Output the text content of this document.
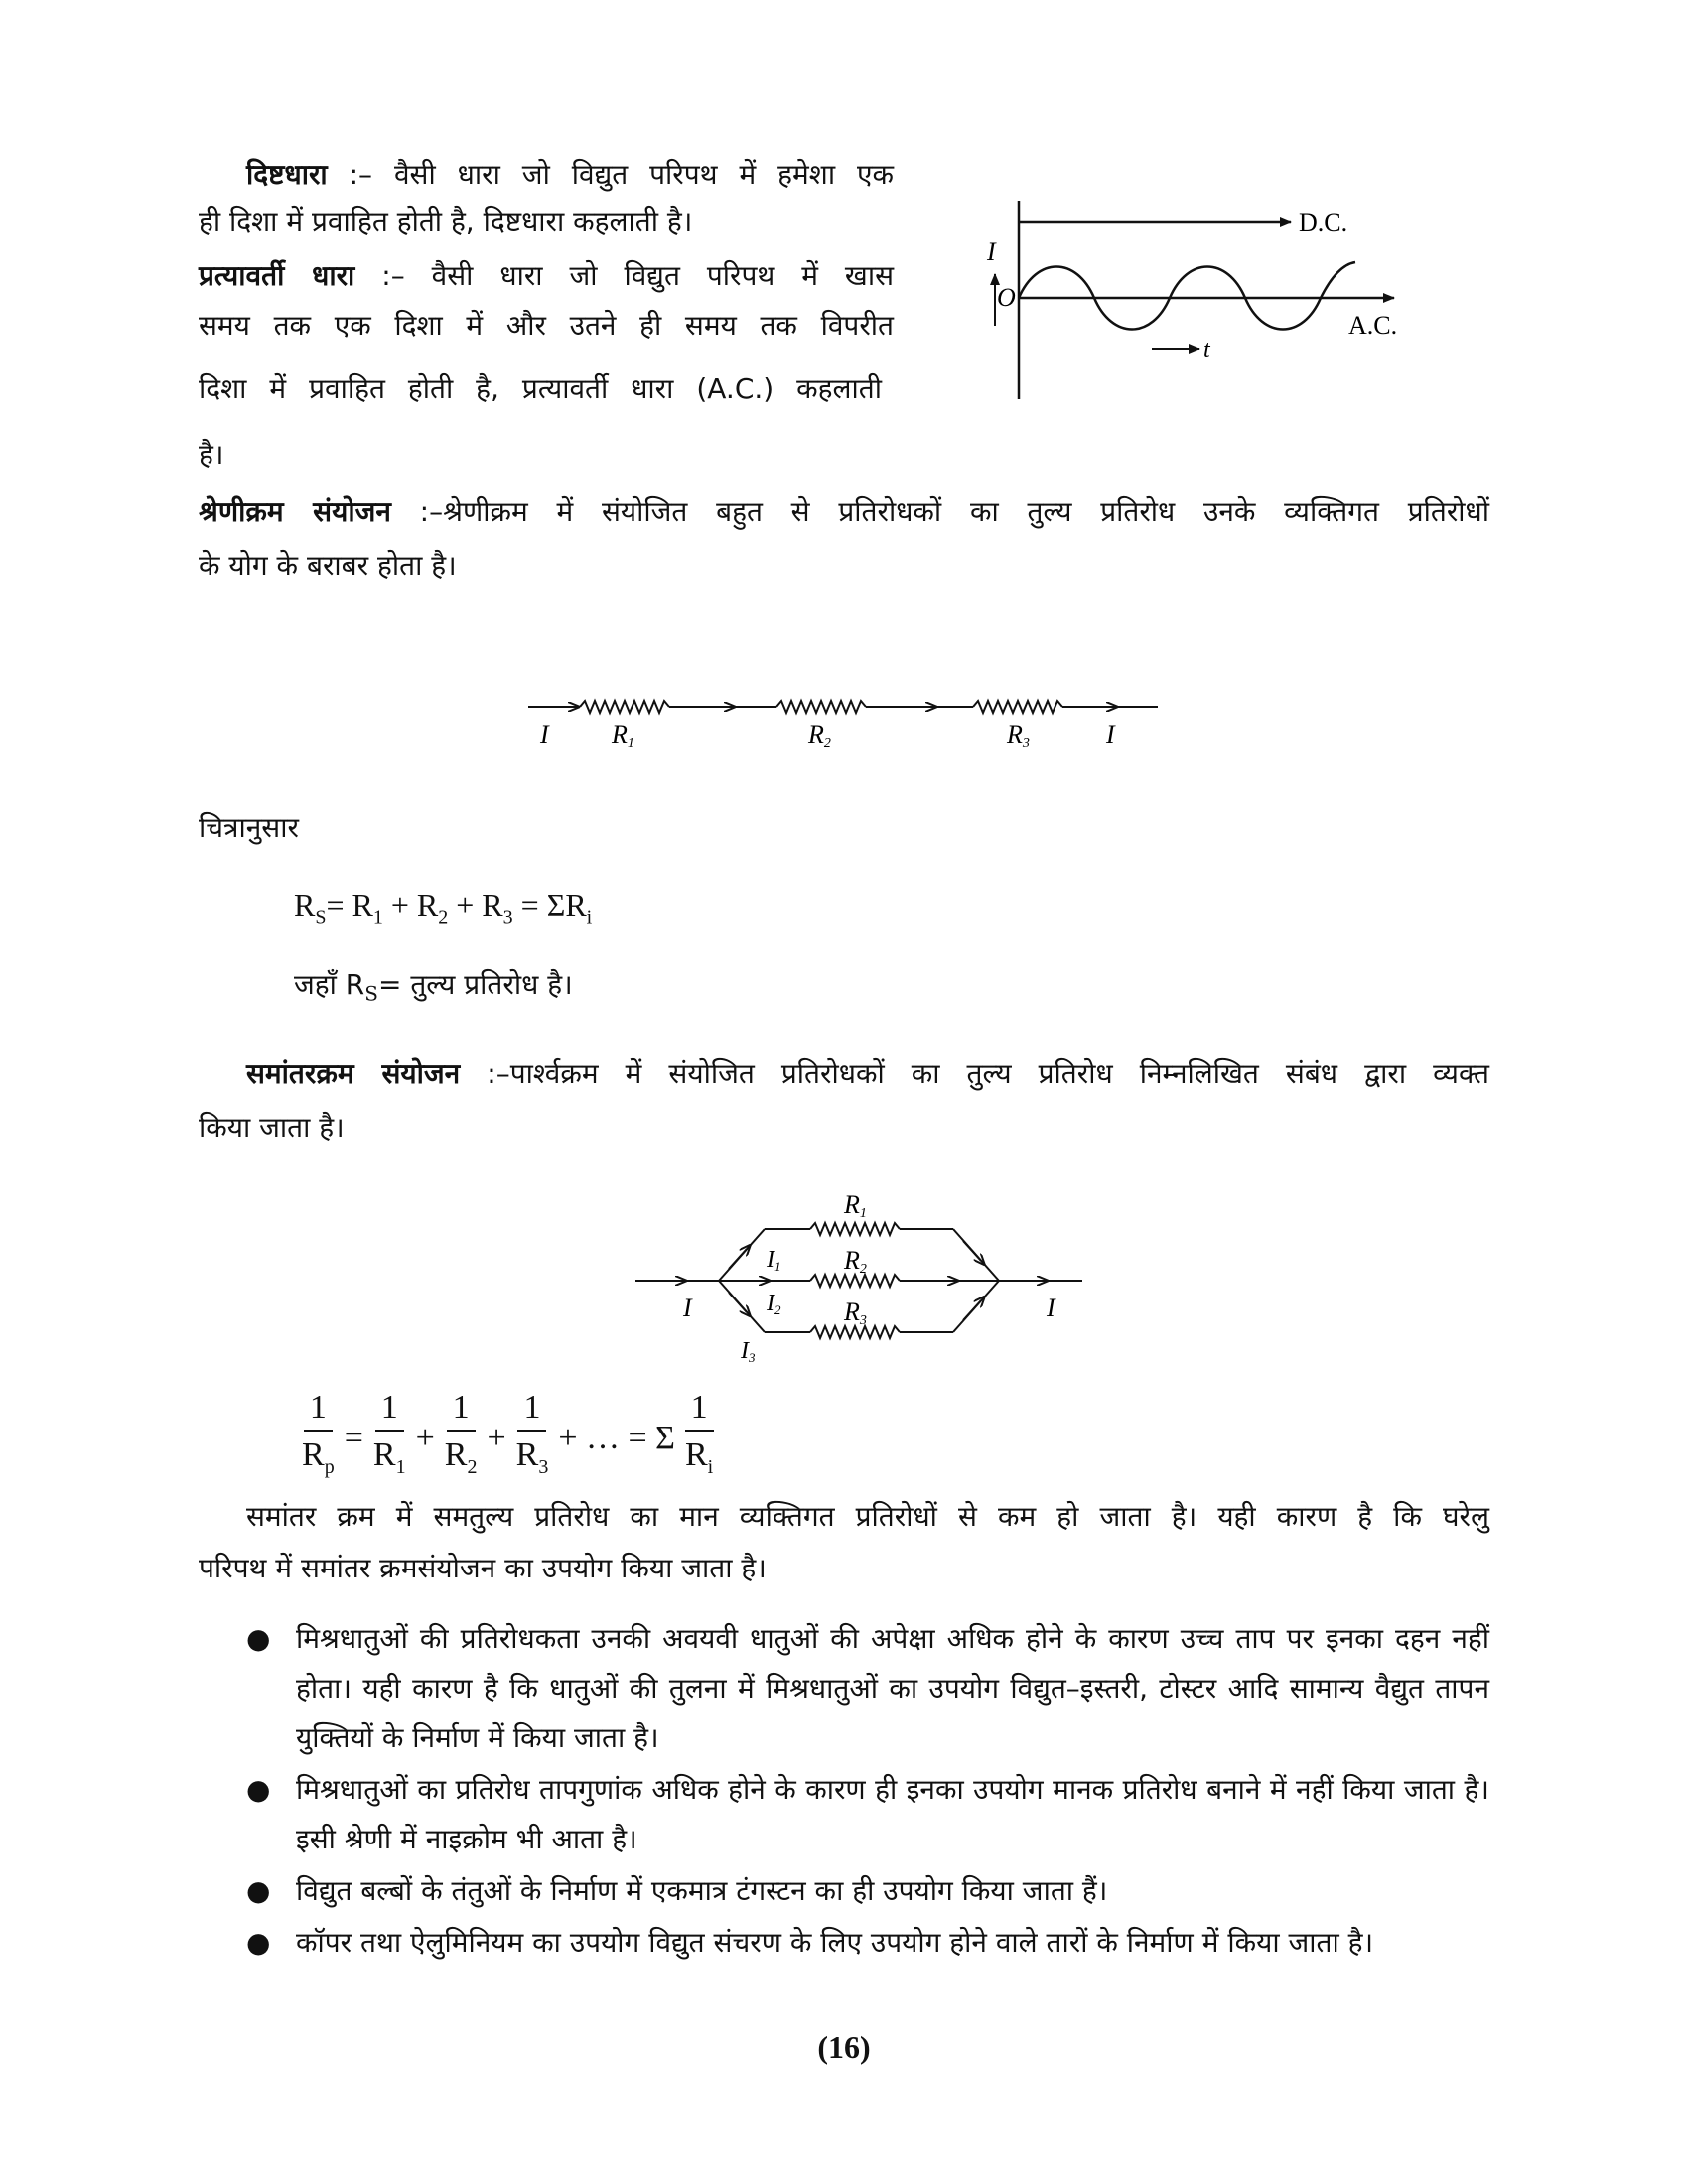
दिष्टधारा :– वैसी धारा जो विद्युत परिपथ में हमेशा एक
ही दिशा में प्रवाहित होती है, दिष्टधारा कहलाती है।
प्रत्यावर्ती धारा :– वैसी धारा जो विद्युत परिपथ में खास
समय तक एक दिशा में और उतने ही समय तक विपरीत
दिशा में प्रवाहित होती है, प्रत्यावर्ती धारा (A.C.) कहलाती
है।
D.C.
A.C.
I
O
t
श्रेणीक्रम संयोजन :–श्रेणीक्रम में संयोजित बहुत से प्रतिरोधकों का तुल्य प्रतिरोध उनके व्यक्तिगत प्रतिरोधों
के योग के बराबर होता है।
I R1	R2	R3	I
चित्रानुसार
$R_S= R_1 + R_2 + R_3 = \Sigma R_i$
जहाँ $R_S=$ तुल्य प्रतिरोध है।
समांतरक्रम संयोजन :–पार्श्वक्रम में संयोजित प्रतिरोधकों का तुल्य प्रतिरोध निम्नलिखित संबंध द्वारा व्यक्त
किया जाता है।
R1
R2
R3
I1
I2
I3
I	I
$\frac{1}{R_p} = \frac{1}{R_1} + \frac{1}{R_2} + \frac{1}{R_3}$ + … = Σ $\frac{1}{R_i}$
समांतर क्रम में समतुल्य प्रतिरोध का मान व्यक्तिगत प्रतिरोधों से कम हो जाता है। यही कारण है कि घरेलु
परिपथ में समांतर क्रमसंयोजन का उपयोग किया जाता है।
● मिश्रधातुओं की प्रतिरोधकता उनकी अवयवी धातुओं की अपेक्षा अधिक होने के कारण उच्च ताप पर इनका दहन नहीं होता। यही कारण है कि धातुओं की तुलना में मिश्रधातुओं का उपयोग विद्युत–इस्तरी, टोस्टर आदि सामान्य वैद्युत तापन युक्तियों के निर्माण में किया जाता है।
● मिश्रधातुओं का प्रतिरोध तापगुणांक अधिक होने के कारण ही इनका उपयोग मानक प्रतिरोध बनाने में नहीं किया जाता है। इसी श्रेणी में नाइक्रोम भी आता है।
● विद्युत बल्बों के तंतुओं के निर्माण में एकमात्र टंगस्टन का ही उपयोग किया जाता हैं।
● कॉपर तथा ऐलुमिनियम का उपयोग विद्युत संचरण के लिए उपयोग होने वाले तारों के निर्माण में किया जाता है।
(16)
